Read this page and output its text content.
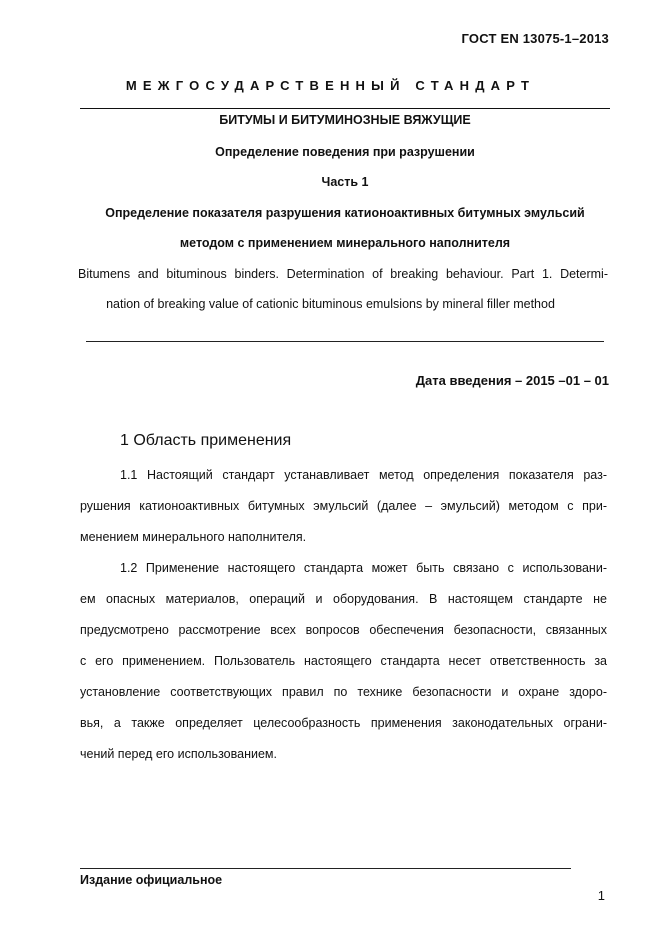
ГОСТ EN 13075-1–2013
МЕЖГОСУДАРСТВЕННЫЙ СТАНДАРТ
БИТУМЫ И БИТУМИНОЗНЫЕ ВЯЖУЩИЕ
Определение поведения при разрушении
Часть 1
Определение показателя разрушения катионоактивных битумных эмульсий
методом с применением минерального наполнителя
Bitumens and bituminous binders. Determination of breaking behaviour. Part 1. Determi-
nation of breaking value of cationic bituminous emulsions by mineral filler method
Дата введения – 2015 –01 – 01
1 Область применения
1.1 Настоящий стандарт устанавливает метод определения показателя раз-
рушения катионоактивных битумных эмульсий (далее – эмульсий) методом с при-
менением минерального наполнителя.
1.2 Применение настоящего стандарта может быть связано с использовани-
ем опасных материалов, операций и оборудования. В настоящем стандарте не
предусмотрено рассмотрение всех вопросов обеспечения безопасности, связанных
с его применением. Пользователь настоящего стандарта несет ответственность за
установление соответствующих правил по технике безопасности и охране здоро-
вья, а также определяет целесообразность применения законодательных ограни-
чений перед его использованием.
Издание официальное
1
